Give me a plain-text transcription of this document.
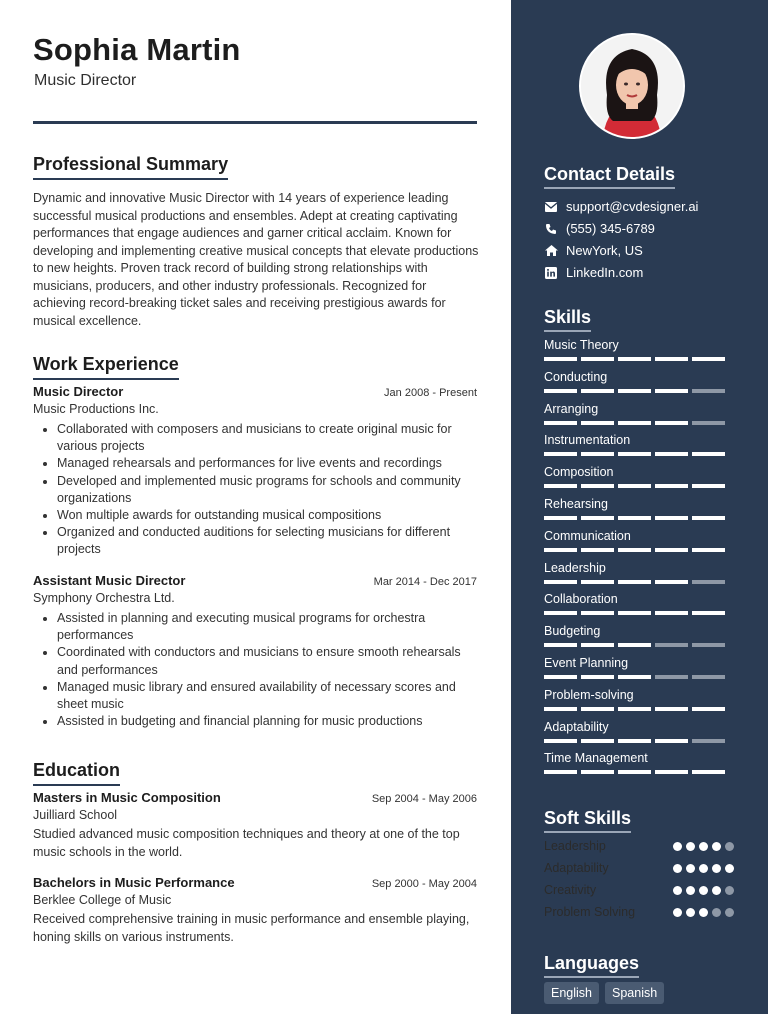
Sophia Martin
Music Director
Professional Summary
Dynamic and innovative Music Director with 14 years of experience leading successful musical productions and ensembles. Adept at creating captivating performances that engage audiences and garner critical acclaim. Known for developing and implementing creative musical concepts that elevate productions to new heights. Proven track record of building strong relationships with musicians, producers, and other industry professionals. Recognized for achieving record-breaking ticket sales and receiving prestigious awards for musical excellence.
Work Experience
Music Director	Jan 2008 - Present
Music Productions Inc.
• Collaborated with composers and musicians to create original music for various projects
• Managed rehearsals and performances for live events and recordings
• Developed and implemented music programs for schools and community organizations
• Won multiple awards for outstanding musical compositions
• Organized and conducted auditions for selecting musicians for different projects
Assistant Music Director	Mar 2014 - Dec 2017
Symphony Orchestra Ltd.
• Assisted in planning and executing musical programs for orchestra performances
• Coordinated with conductors and musicians to ensure smooth rehearsals and performances
• Managed music library and ensured availability of necessary scores and sheet music
• Assisted in budgeting and financial planning for music productions
Education
Masters in Music Composition	Sep 2004 - May 2006
Juilliard School
Studied advanced music composition techniques and theory at one of the top music schools in the world.
Bachelors in Music Performance	Sep 2000 - May 2004
Berklee College of Music
Received comprehensive training in music performance and ensemble playing, honing skills on various instruments.
Contact Details
support@cvdesigner.ai
(555) 345-6789
NewYork, US
LinkedIn.com
Skills
Music Theory
Conducting
Arranging
Instrumentation
Composition
Rehearsing
Communication
Leadership
Collaboration
Budgeting
Event Planning
Problem-solving
Adaptability
Time Management
Soft Skills
Leadership
Adaptability
Creativity
Problem Solving
Languages
English	Spanish
